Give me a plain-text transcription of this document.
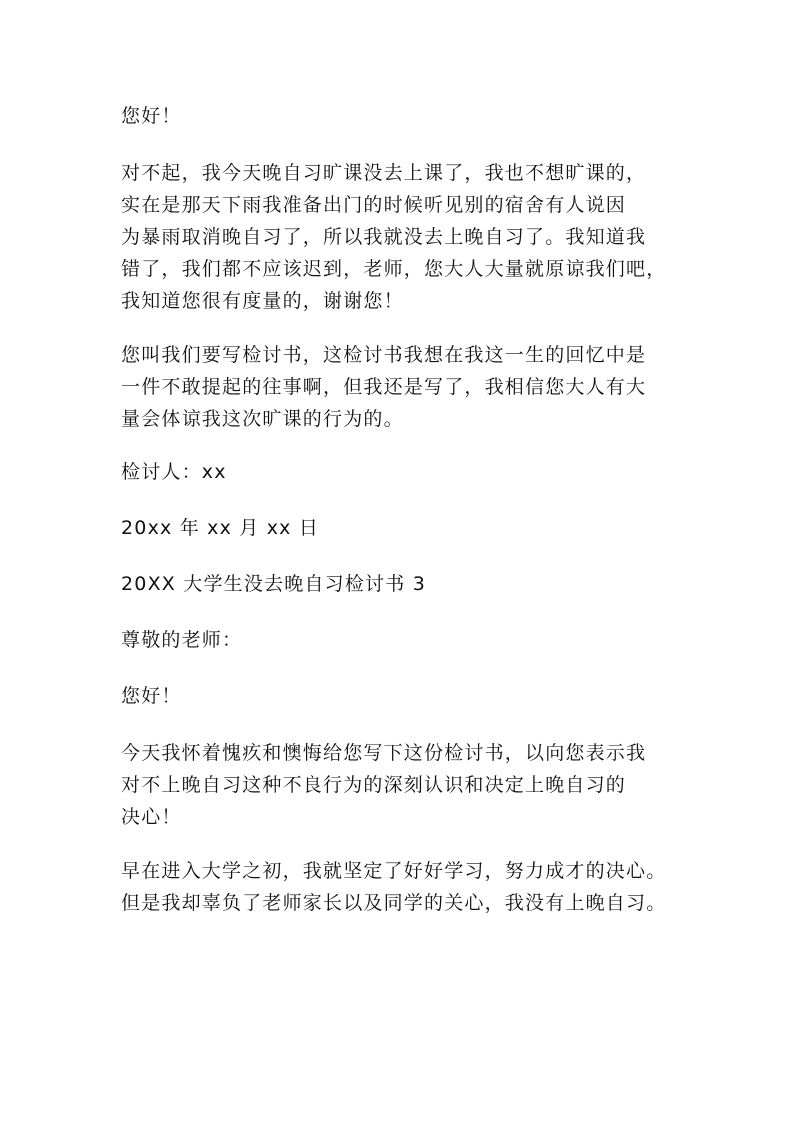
您好！

对不起，我今天晚自习旷课没去上课了，我也不想旷课的，
实在是那天下雨我准备出门的时候听见别的宿舍有人说因
为暴雨取消晚自习了，所以我就没去上晚自习了。我知道我
错了，我们都不应该迟到，老师，您大人大量就原谅我们吧，
我知道您很有度量的，谢谢您！

您叫我们要写检讨书，这检讨书我想在我这一生的回忆中是
一件不敢提起的往事啊，但我还是写了，我相信您大人有大
量会体谅我这次旷课的行为的。

检讨人：xx

20xx 年 xx 月 xx 日

20XX 大学生没去晚自习检讨书 3

尊敬的老师：

您好！

今天我怀着愧疚和懊悔给您写下这份检讨书，以向您表示我
对不上晚自习这种不良行为的深刻认识和决定上晚自习的
决心！

早在进入大学之初，我就坚定了好好学习，努力成才的决心。
但是我却辜负了老师家长以及同学的关心，我没有上晚自习。
